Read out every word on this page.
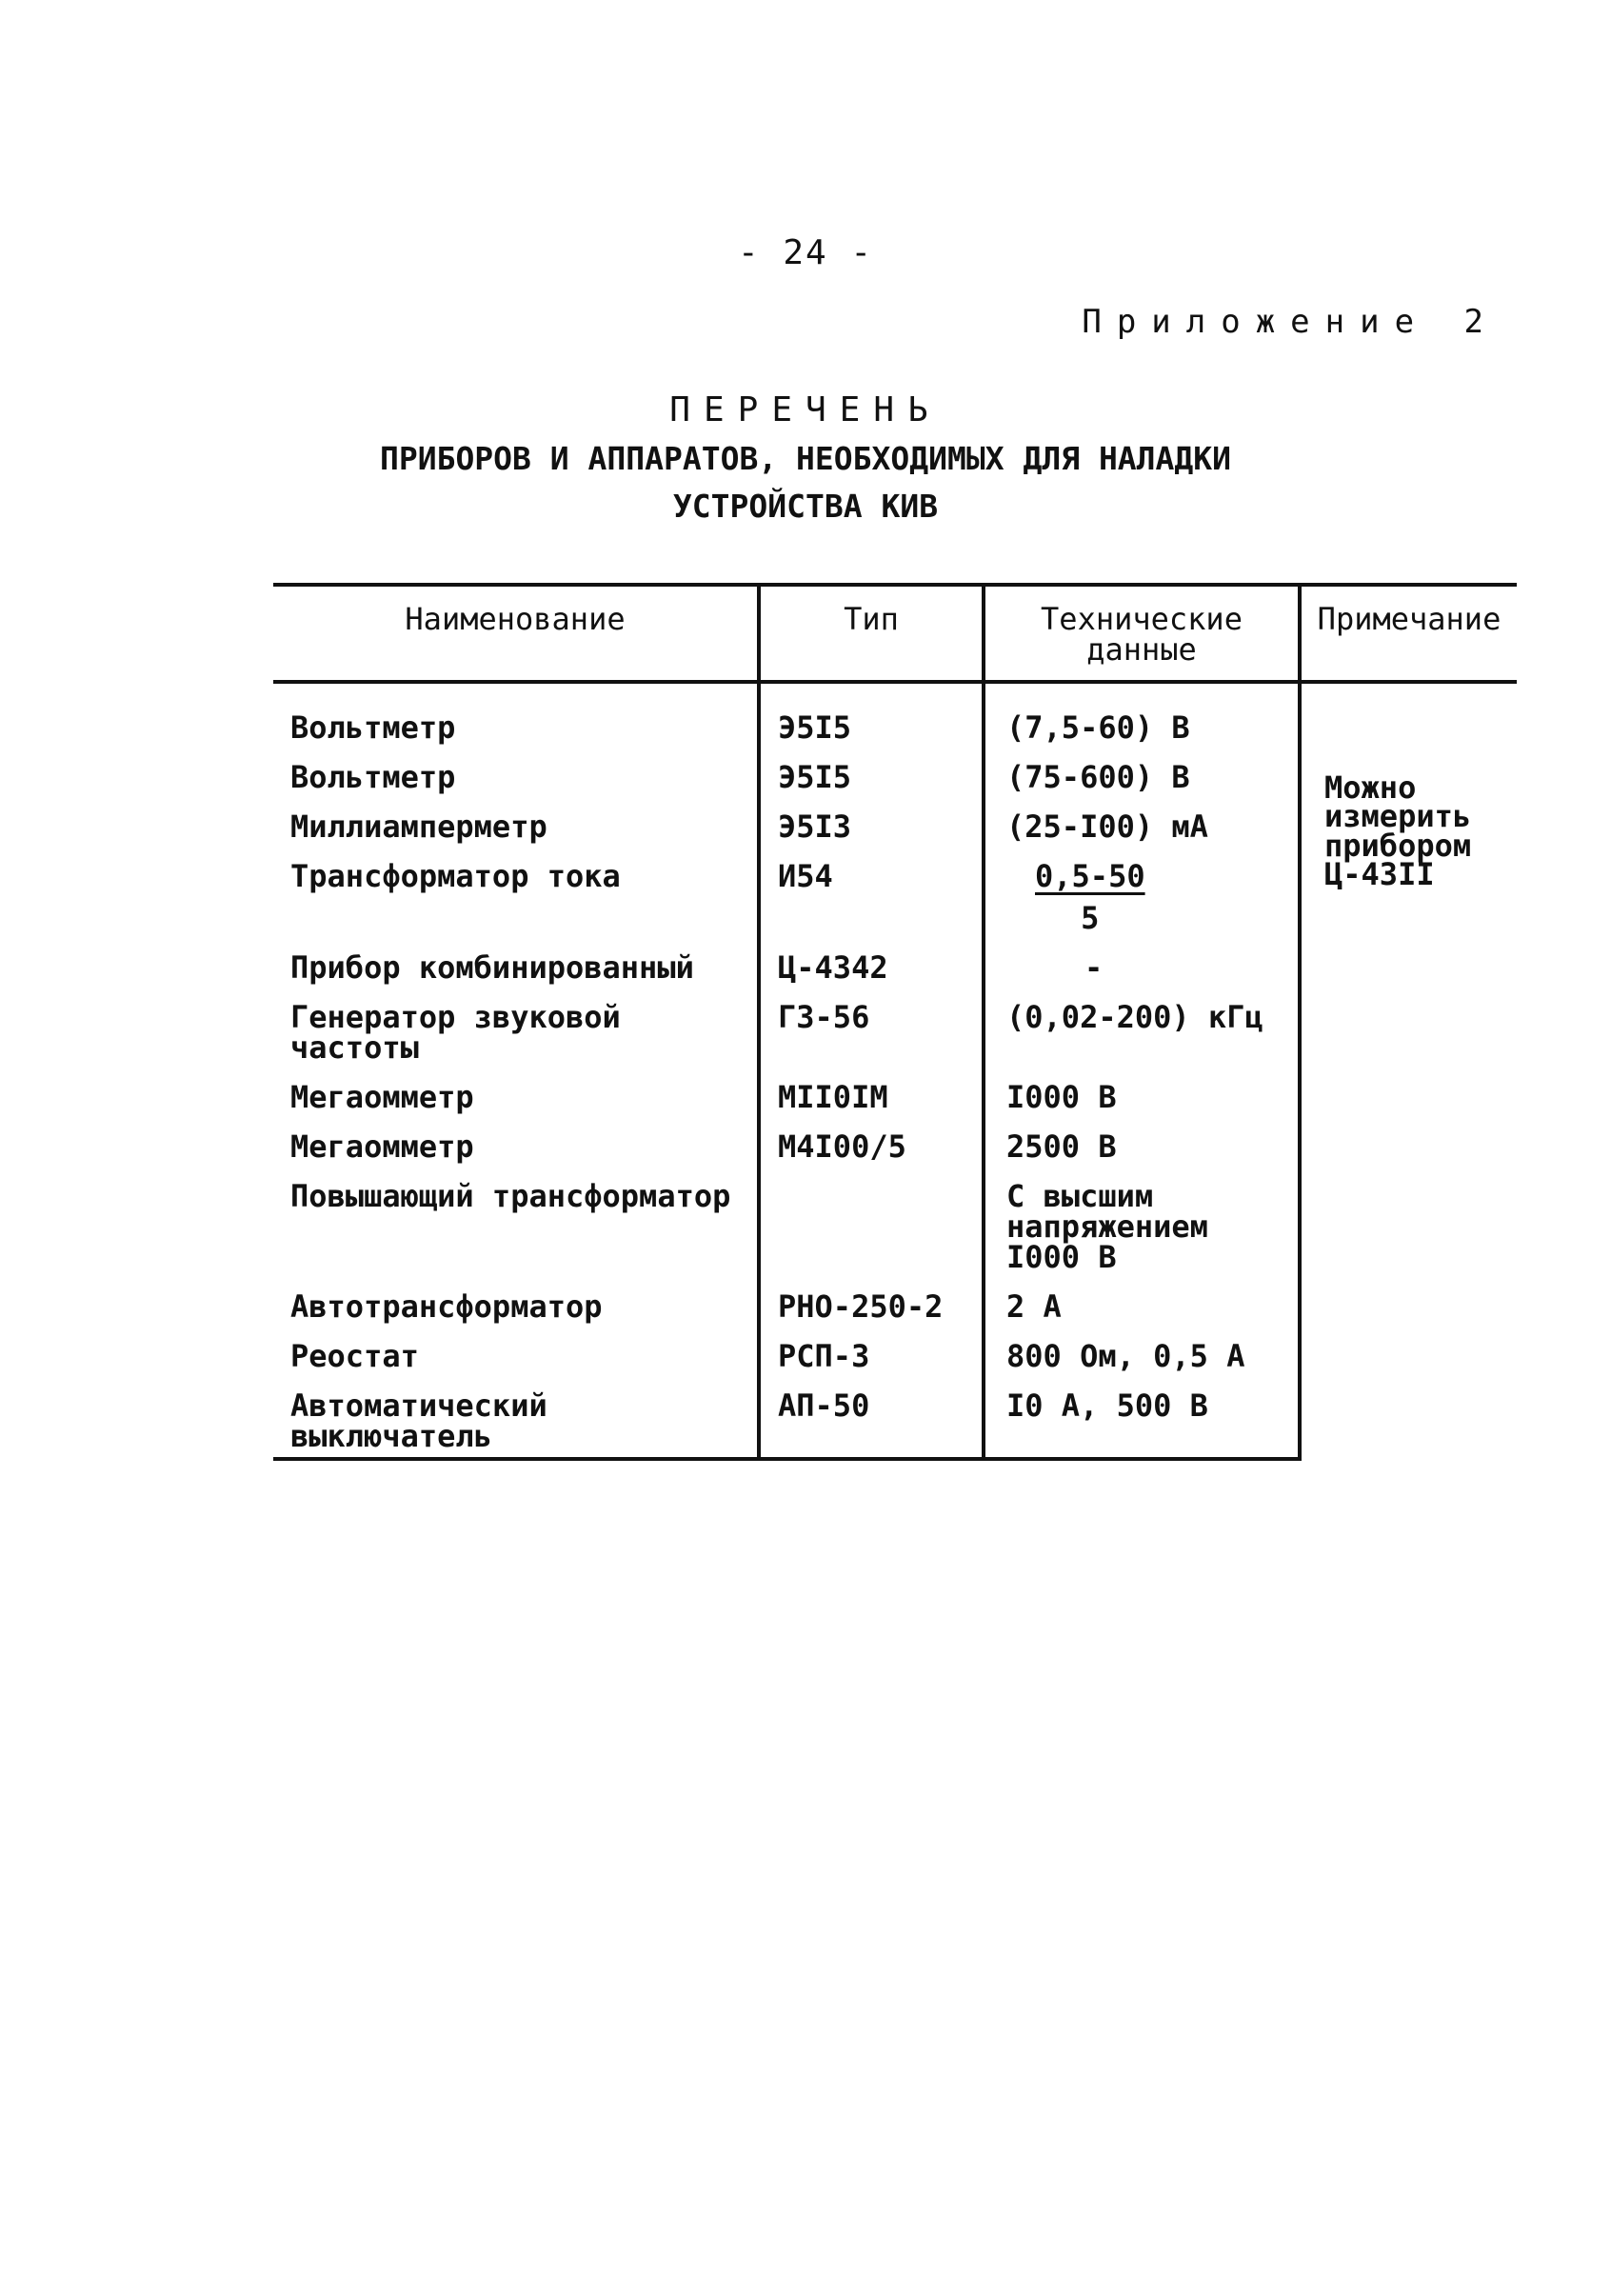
- 24 -
Приложение 2
ПЕРЕЧЕНЬ
ПРИБОРОВ И АППАРАТОВ, НЕОБХОДИМЫХ ДЛЯ НАЛАДКИ
УСТРОЙСТВА КИВ
Наименование	Тип	Технические данные	Примечание
Вольтметр	Э5I5	(7,5-60) В	Можно измерить прибором Ц-43II
Вольтметр	Э5I5	(75-600) В	
Миллиамперметр	Э5I3	(25-I00) мА	
Трансформатор тока	И54	$\frac{0,5-50}{5}$

Прибор комбинированный	Ц-4342	-	
Генератор звуковой частоты	ГЗ-56	(0,02-200) кГц	
Мегаомметр	МII0IМ	I000 В	
Мегаомметр	М4I00/5	2500 В	
Повышающий трансформатор		С высшим напряжением I000 В	
Автотрансформатор	РНО-250-2	2 А	
Реостат	РСП-3	800 Ом, 0,5 А	
Автоматический выключатель	АП-50	I0 А, 500 В	
